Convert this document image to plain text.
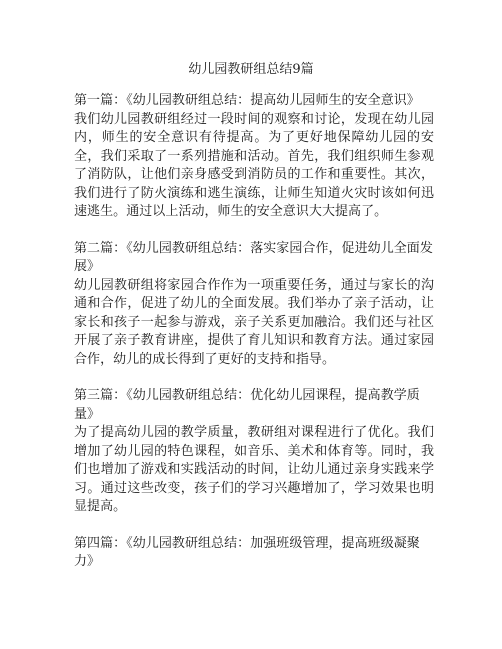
幼儿园教研组总结9篇

第一篇：《幼儿园教研组总结：提高幼儿园师生的安全意识》

我们幼儿园教研组经过一段时间的观察和讨论，发现在幼儿园内，师生的安全意识有待提高。为了更好地保障幼儿园的安全，我们采取了一系列措施和活动。首先，我们组织师生参观了消防队，让他们亲身感受到消防员的工作和重要性。其次，我们进行了防火演练和逃生演练，让师生知道火灾时该如何迅速逃生。通过以上活动，师生的安全意识大大提高了。

第二篇：《幼儿园教研组总结：落实家园合作，促进幼儿全面发展》

幼儿园教研组将家园合作作为一项重要任务，通过与家长的沟通和合作，促进了幼儿的全面发展。我们举办了亲子活动，让家长和孩子一起参与游戏，亲子关系更加融洽。我们还与社区开展了亲子教育讲座，提供了育儿知识和教育方法。通过家园合作，幼儿的成长得到了更好的支持和指导。

第三篇：《幼儿园教研组总结：优化幼儿园课程，提高教学质量》

为了提高幼儿园的教学质量，教研组对课程进行了优化。我们增加了幼儿园的特色课程，如音乐、美术和体育等。同时，我们也增加了游戏和实践活动的时间，让幼儿通过亲身实践来学习。通过这些改变，孩子们的学习兴趣增加了，学习效果也明显提高。

第四篇：《幼儿园教研组总结：加强班级管理，提高班级凝聚力》
